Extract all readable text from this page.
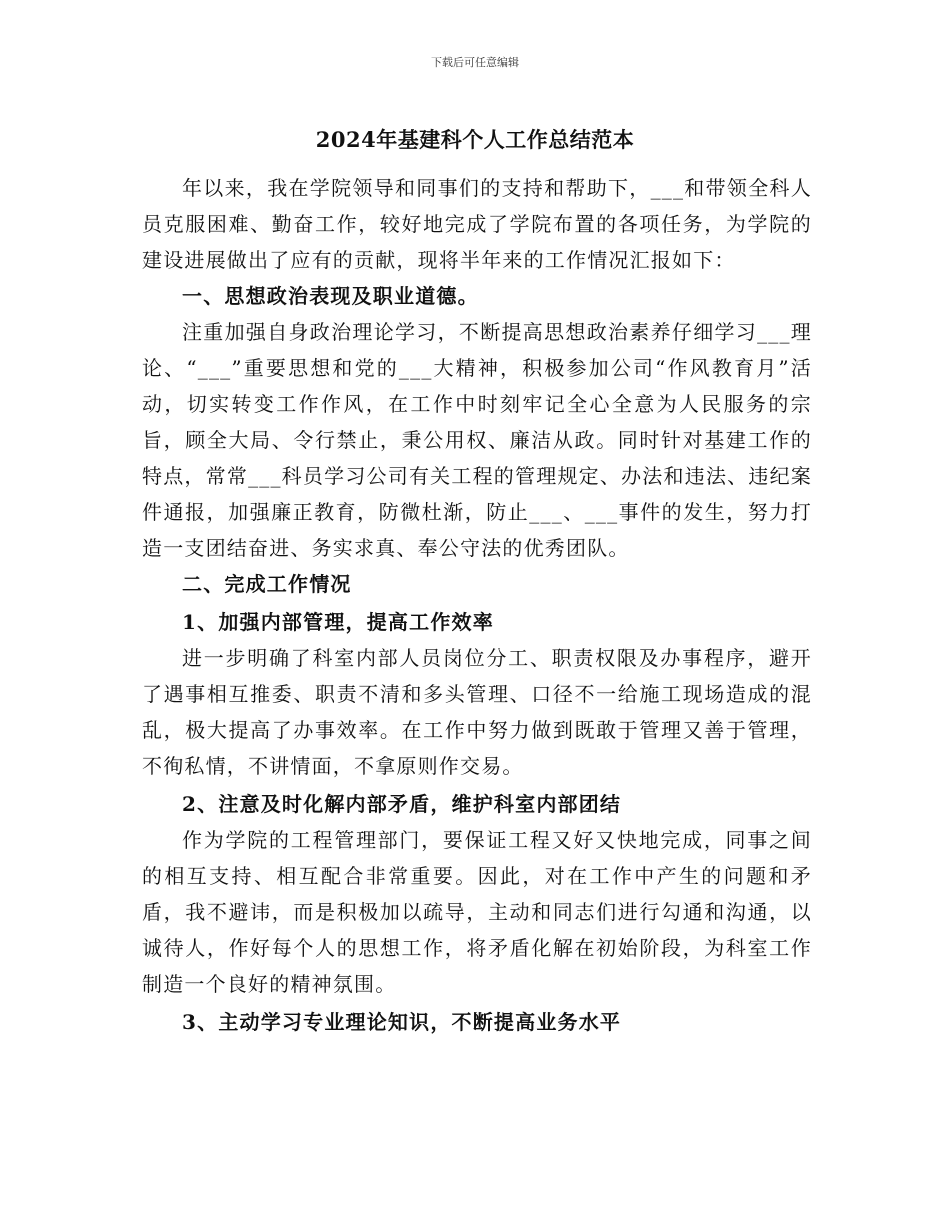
下载后可任意编辑
2024年基建科个人工作总结范本

年以来，我在学院领导和同事们的支持和帮助下，___和带领全科人员克服困难、勤奋工作，较好地完成了学院布置的各项任务，为学院的建设进展做出了应有的贡献，现将半年来的工作情况汇报如下：

一、思想政治表现及职业道德。

注重加强自身政治理论学习，不断提高思想政治素养仔细学习___理论、“___”重要思想和党的___大精神，积极参加公司“作风教育月”活动，切实转变工作作风，在工作中时刻牢记全心全意为人民服务的宗旨，顾全大局、令行禁止，秉公用权、廉洁从政。同时针对基建工作的特点，常常___科员学习公司有关工程的管理规定、办法和违法、违纪案件通报，加强廉正教育，防微杜渐，防止___、___事件的发生，努力打造一支团结奋进、务实求真、奉公守法的优秀团队。

二、完成工作情况

1、加强内部管理，提高工作效率

进一步明确了科室内部人员岗位分工、职责权限及办事程序，避开了遇事相互推委、职责不清和多头管理、口径不一给施工现场造成的混乱，极大提高了办事效率。在工作中努力做到既敢于管理又善于管理，不徇私情，不讲情面，不拿原则作交易。

2、注意及时化解内部矛盾，维护科室内部团结

作为学院的工程管理部门，要保证工程又好又快地完成，同事之间的相互支持、相互配合非常重要。因此，对在工作中产生的问题和矛盾，我不避讳，而是积极加以疏导，主动和同志们进行勾通和沟通，以诚待人，作好每个人的思想工作，将矛盾化解在初始阶段，为科室工作制造一个良好的精神氛围。

3、主动学习专业理论知识，不断提高业务水平
